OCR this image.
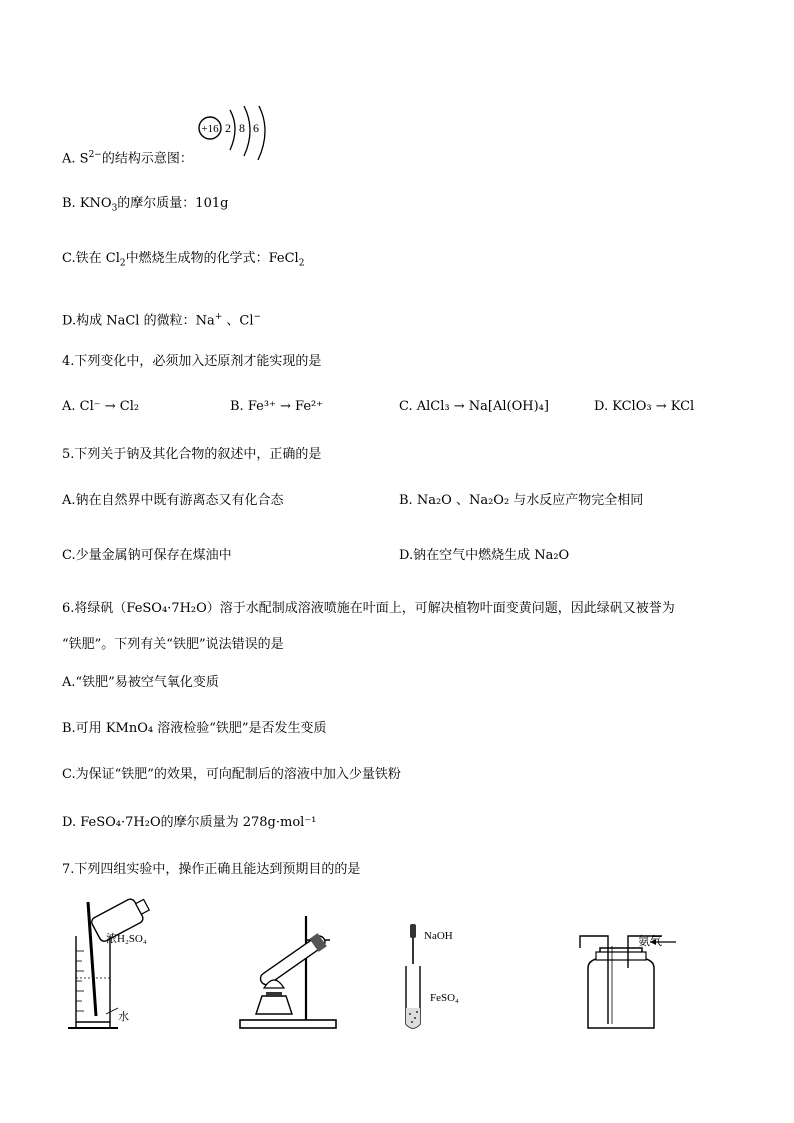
A. $S^{2-}$的结构示意图：
+16 2 8 6
B. $KNO_3$的摩尔质量：101g
C.铁在 $Cl_2$中燃烧生成物的化学式：FeCl$_2$
D.构成 NaCl 的微粒：Na+ 、Cl−
4.下列变化中，必须加入还原剂才能实现的是
A. Cl⁻ → Cl₂	B. Fe³⁺ → Fe²⁺	C. AlCl₃ → Na[Al(OH)₄]	D. KClO₃ → KCl
5.下列关于钠及其化合物的叙述中，正确的是
A.钠在自然界中既有游离态又有化合态	B. Na₂O 、Na₂O₂ 与水反应产物完全相同
C.少量金属钠可保存在煤油中	D.钠在空气中燃烧生成 Na₂O
6.将绿矾（FeSO₄·7H₂O）溶于水配制成溶液喷施在叶面上，可解决植物叶面变黄问题，因此绿矾又被誉为
“铁肥”。下列有关“铁肥”说法错误的是
A.“铁肥”易被空气氧化变质
B.可用 KMnO₄ 溶液检验“铁肥”是否发生变质
C.为保证“铁肥”的效果，可向配制后的溶液中加入少量铁粉
D. FeSO₄·7H₂O的摩尔质量为 278g·mol⁻¹
7.下列四组实验中，操作正确且能达到预期目的的是
浓H₂SO₄
水
NaOH
FeSO₄
氨气
